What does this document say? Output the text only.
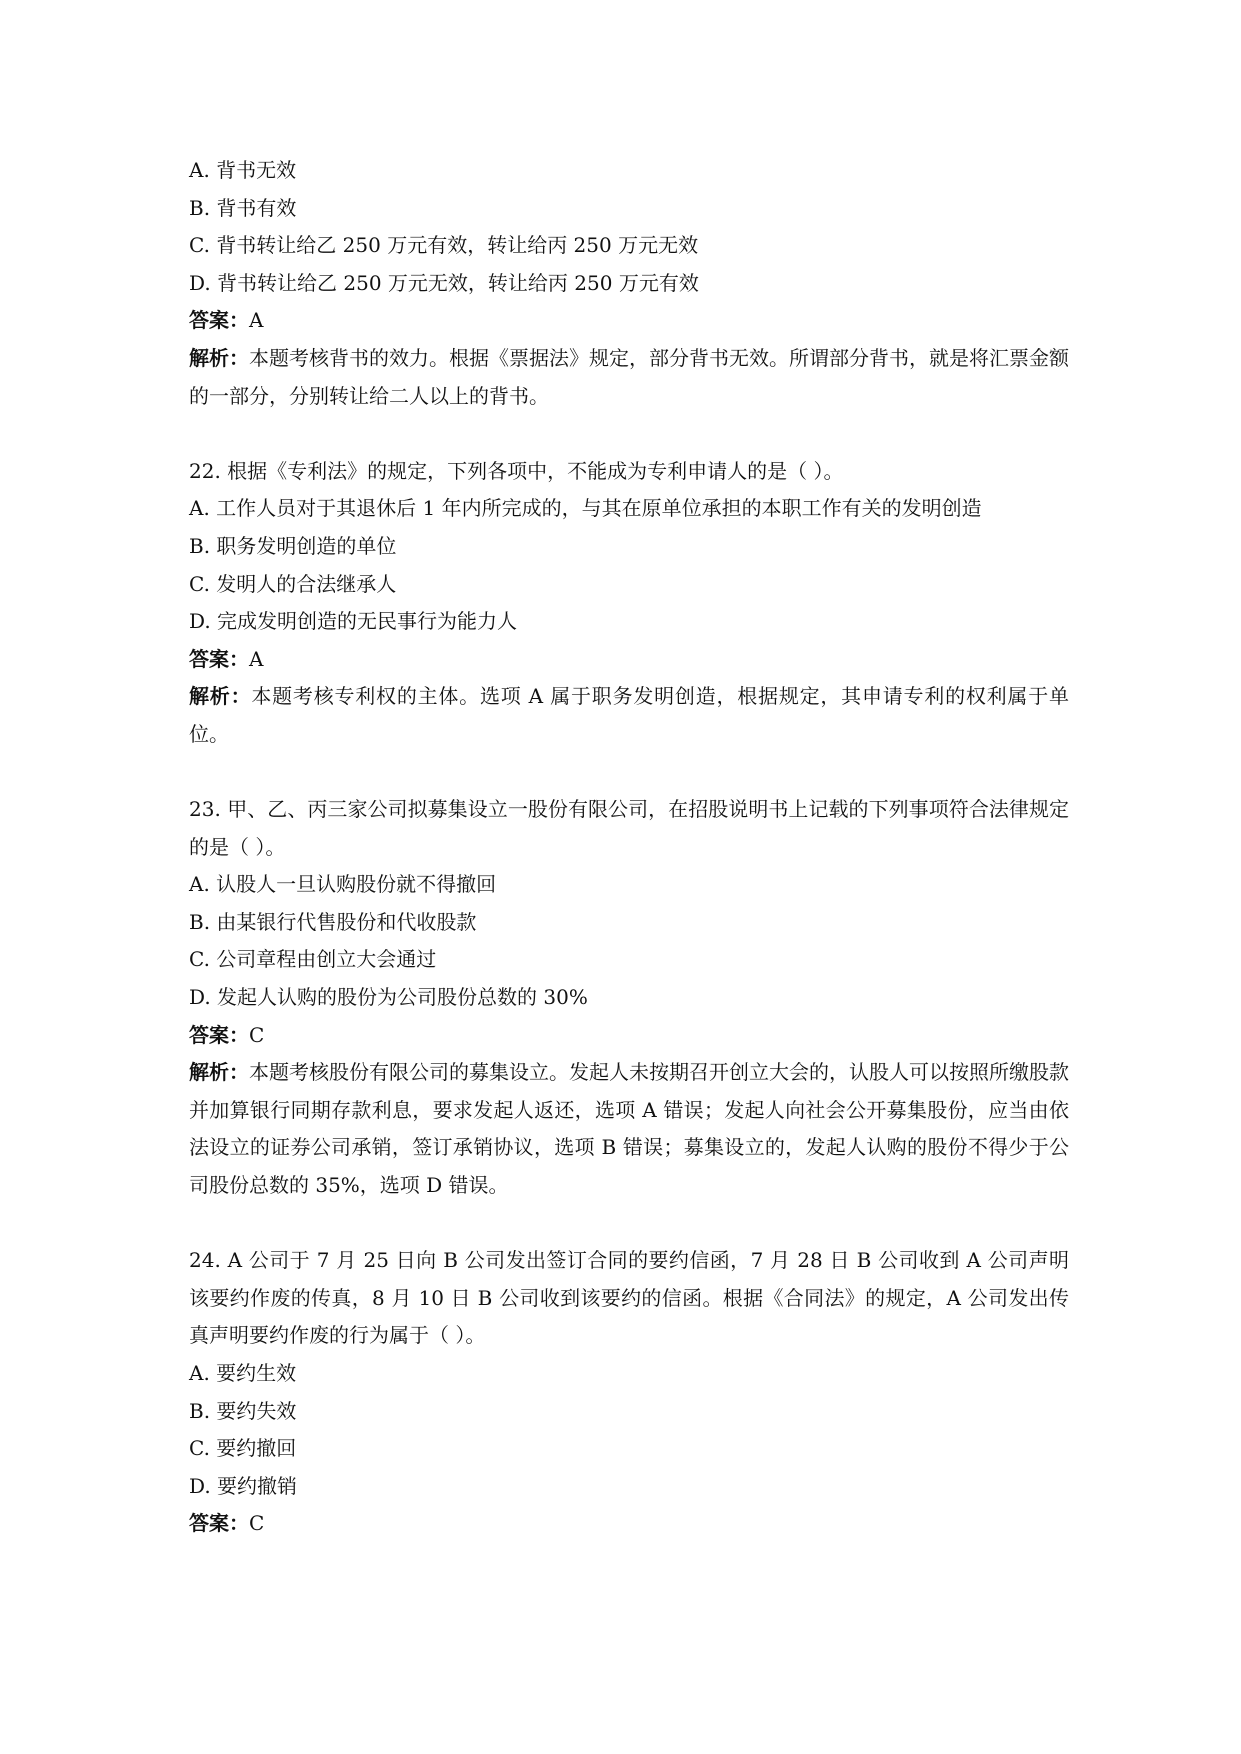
A. 背书无效
B. 背书有效
C. 背书转让给乙 250 万元有效，转让给丙 250 万元无效
D. 背书转让给乙 250 万元无效，转让给丙 250 万元有效
答案：A
解析：本题考核背书的效力。根据《票据法》规定，部分背书无效。所谓部分背书，就是将汇票金额的一部分，分别转让给二人以上的背书。
22. 根据《专利法》的规定，下列各项中，不能成为专利申请人的是（ ）。
A. 工作人员对于其退休后 1 年内所完成的，与其在原单位承担的本职工作有关的发明创造
B. 职务发明创造的单位
C. 发明人的合法继承人
D. 完成发明创造的无民事行为能力人
答案：A
解析：本题考核专利权的主体。选项 A 属于职务发明创造，根据规定，其申请专利的权利属于单位。
23. 甲、乙、丙三家公司拟募集设立一股份有限公司，在招股说明书上记载的下列事项符合法律规定的是（ ）。
A. 认股人一旦认购股份就不得撤回
B. 由某银行代售股份和代收股款
C. 公司章程由创立大会通过
D. 发起人认购的股份为公司股份总数的 30%
答案：C
解析：本题考核股份有限公司的募集设立。发起人未按期召开创立大会的，认股人可以按照所缴股款并加算银行同期存款利息，要求发起人返还，选项 A 错误；发起人向社会公开募集股份，应当由依法设立的证券公司承销，签订承销协议，选项 B 错误；募集设立的，发起人认购的股份不得少于公司股份总数的 35%，选项 D 错误。
24. A 公司于 7 月 25 日向 B 公司发出签订合同的要约信函，7 月 28 日 B 公司收到 A 公司声明该要约作废的传真，8 月 10 日 B 公司收到该要约的信函。根据《合同法》的规定，A 公司发出传真声明要约作废的行为属于（ ）。
A. 要约生效
B. 要约失效
C. 要约撤回
D. 要约撤销
答案：C
